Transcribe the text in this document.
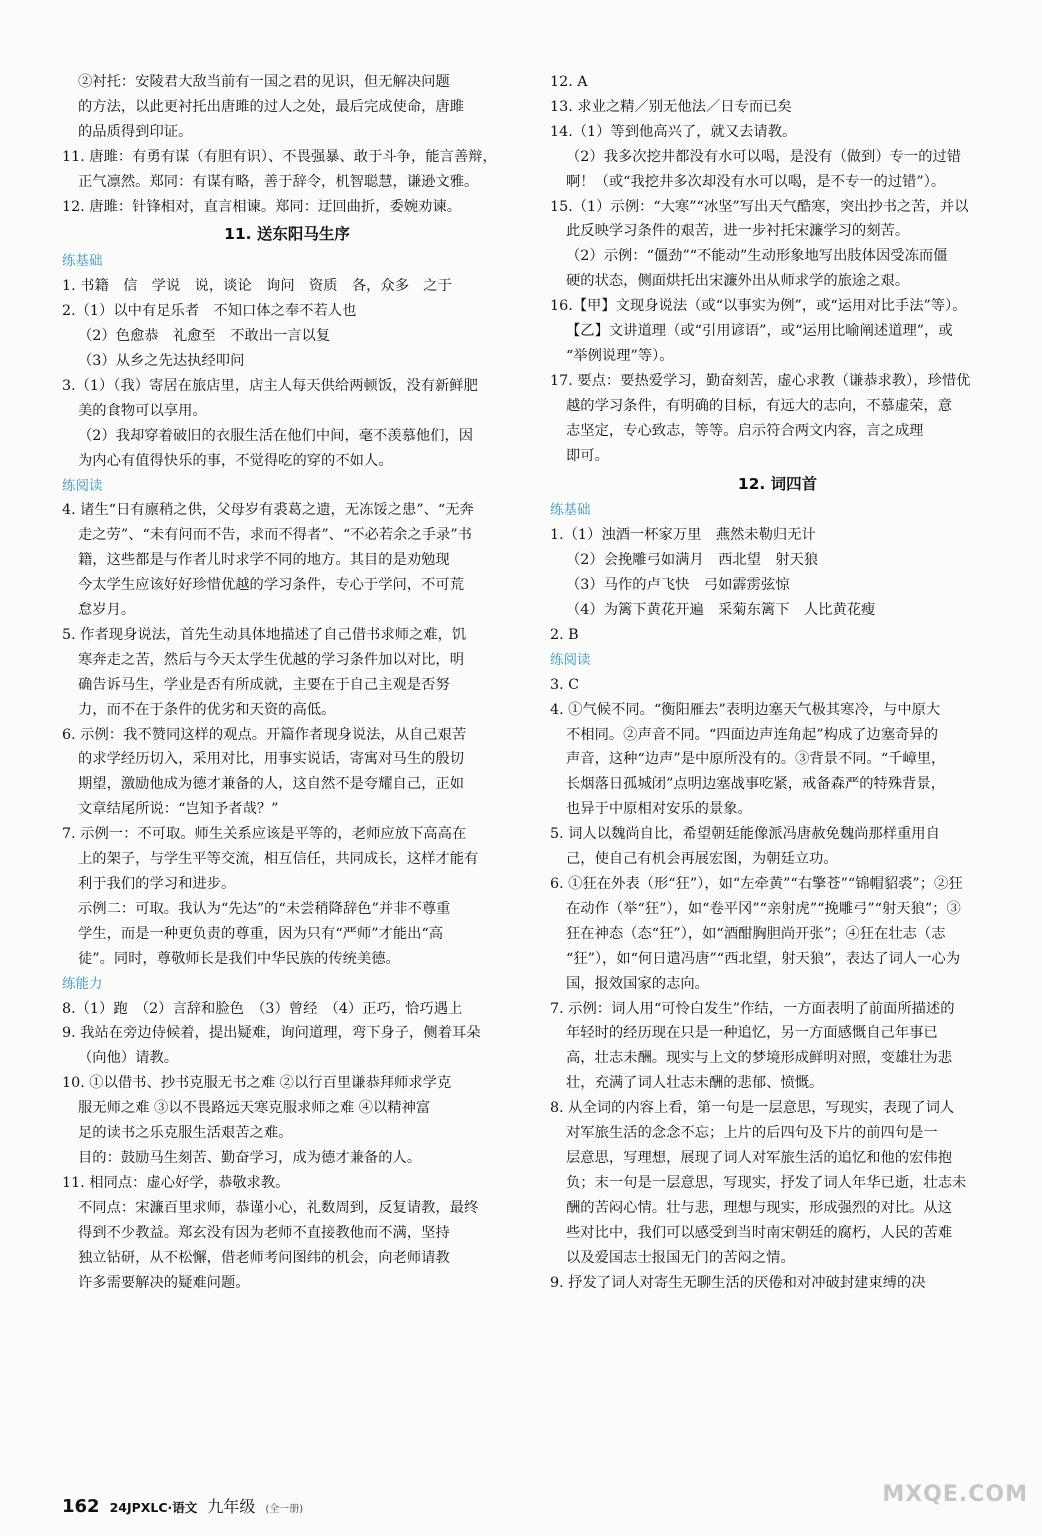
②衬托：安陵君大敌当前有一国之君的见识，但无解决问题
的方法，以此更衬托出唐雎的过人之处，最后完成使命，唐雎
的品质得到印证。
11. 唐雎：有勇有谋（有胆有识）、不畏强暴、敢于斗争，能言善辩，
正气凛然。郑同：有谋有略，善于辞令，机智聪慧，谦逊文雅。
12. 唐雎：针锋相对，直言相谏。郑同：迂回曲折，委婉劝谏。
11. 送东阳马生序
练基础
1. 书籍　信　学说　说，谈论　询问　资质　各，众多　之于
2.（1）以中有足乐者　不知口体之奉不若人也
（2）色愈恭　礼愈至　不敢出一言以复
（3）从乡之先达执经叩问
3.（1）（我）寄居在旅店里，店主人每天供给两顿饭，没有新鲜肥
美的食物可以享用。
（2）我却穿着破旧的衣服生活在他们中间，毫不羡慕他们，因
为内心有值得快乐的事，不觉得吃的穿的不如人。
练阅读
4. 诸生“日有廪稍之供，父母岁有裘葛之遗，无冻馁之患”、“无奔
走之劳”、“未有问而不告，求而不得者”、“不必若余之手录”书
籍，这些都是与作者儿时求学不同的地方。其目的是劝勉现
今太学生应该好好珍惜优越的学习条件，专心于学问，不可荒
怠岁月。
5. 作者现身说法，首先生动具体地描述了自己借书求师之难，饥
寒奔走之苦，然后与今天太学生优越的学习条件加以对比，明
确告诉马生，学业是否有所成就，主要在于自己主观是否努
力，而不在于条件的优劣和天资的高低。
6. 示例：我不赞同这样的观点。开篇作者现身说法，从自己艰苦
的求学经历切入，采用对比，用事实说话，寄寓对马生的殷切
期望，激励他成为德才兼备的人，这自然不是夸耀自己，正如
文章结尾所说：“岂知予者哉？”
7. 示例一：不可取。师生关系应该是平等的，老师应放下高高在
上的架子，与学生平等交流，相互信任，共同成长，这样才能有
利于我们的学习和进步。
示例二：可取。我认为“先达”的“未尝稍降辞色”并非不尊重
学生，而是一种更负责的尊重，因为只有“严师”才能出“高
徒”。同时，尊敬师长是我们中华民族的传统美德。
练能力
8.（1）跑　（2）言辞和脸色　（3）曾经　（4）正巧，恰巧遇上
9. 我站在旁边侍候着，提出疑难，询问道理，弯下身子，侧着耳朵
（向他）请教。
10. ①以借书、抄书克服无书之难 ②以行百里谦恭拜师求学克
服无师之难 ③以不畏路远天寒克服求师之难 ④以精神富
足的读书之乐克服生活艰苦之难。
目的：鼓励马生刻苦、勤奋学习，成为德才兼备的人。
11. 相同点：虚心好学，恭敬求教。
不同点：宋濂百里求师，恭谨小心，礼数周到，反复请教，最终
得到不少教益。郑玄没有因为老师不直接教他而不满，坚持
独立钻研，从不松懈，借老师考问图纬的机会，向老师请教
许多需要解决的疑难问题。
12. A
13. 求业之精／别无他法／日专而已矣
14.（1）等到他高兴了，就又去请教。
（2）我多次挖井都没有水可以喝，是没有（做到）专一的过错
啊！（或“我挖井多次却没有水可以喝，是不专一的过错”）。
15.（1）示例：“大寒”“冰坚”写出天气酷寒，突出抄书之苦，并以
此反映学习条件的艰苦，进一步衬托宋濂学习的刻苦。
（2）示例：“僵劲”“不能动”生动形象地写出肢体因受冻而僵
硬的状态，侧面烘托出宋濂外出从师求学的旅途之艰。
16.【甲】文现身说法（或“以事实为例”，或“运用对比手法”等）。
【乙】文讲道理（或“引用谚语”，或“运用比喻阐述道理”，或
“举例说理”等）。
17. 要点：要热爱学习，勤奋刻苦，虚心求教（谦恭求教），珍惜优
越的学习条件，有明确的目标，有远大的志向，不慕虚荣，意
志坚定，专心致志，等等。启示符合两文内容，言之成理
即可。
12. 词四首
练基础
1.（1）浊酒一杯家万里　燕然未勒归无计
（2）会挽雕弓如满月　西北望　射天狼
（3）马作的卢飞快　弓如霹雳弦惊
（4）为篱下黄花开遍　采菊东篱下　人比黄花瘦
2. B
练阅读
3. C
4. ①气候不同。“衡阳雁去”表明边塞天气极其寒冷，与中原大
不相同。②声音不同。“四面边声连角起”构成了边塞奇异的
声音，这种“边声”是中原所没有的。③背景不同。“千嶂里，
长烟落日孤城闭”点明边塞战事吃紧，戒备森严的特殊背景，
也异于中原相对安乐的景象。
5. 词人以魏尚自比，希望朝廷能像派冯唐赦免魏尚那样重用自
己，使自己有机会再展宏图，为朝廷立功。
6. ①狂在外表（形“狂”），如“左牵黄”“右擎苍”“锦帽貂裘”；②狂
在动作（举“狂”），如“卷平冈”“亲射虎”“挽雕弓”“射天狼”；③
狂在神态（态“狂”），如“酒酣胸胆尚开张”；④狂在壮志（志
“狂”），如“何日遣冯唐”“西北望，射天狼”，表达了词人一心为
国，报效国家的志向。
7. 示例：词人用“可怜白发生”作结，一方面表明了前面所描述的
年轻时的经历现在只是一种追忆，另一方面感慨自己年事已
高，壮志未酬。现实与上文的梦境形成鲜明对照，变雄壮为悲
壮，充满了词人壮志未酬的悲郁、愤慨。
8. 从全词的内容上看，第一句是一层意思，写现实，表现了词人
对军旅生活的念念不忘；上片的后四句及下片的前四句是一
层意思，写理想，展现了词人对军旅生活的追忆和他的宏伟抱
负；末一句是一层意思，写现实，抒发了词人年华已逝，壮志未
酬的苦闷心情。壮与悲，理想与现实，形成强烈的对比。从这
些对比中，我们可以感受到当时南宋朝廷的腐朽，人民的苦难
以及爱国志士报国无门的苦闷之情。
9. 抒发了词人对寄生无聊生活的厌倦和对冲破封建束缚的决
162 24JPXLC·语文 九年级 (全一册)
MXQE.COM
